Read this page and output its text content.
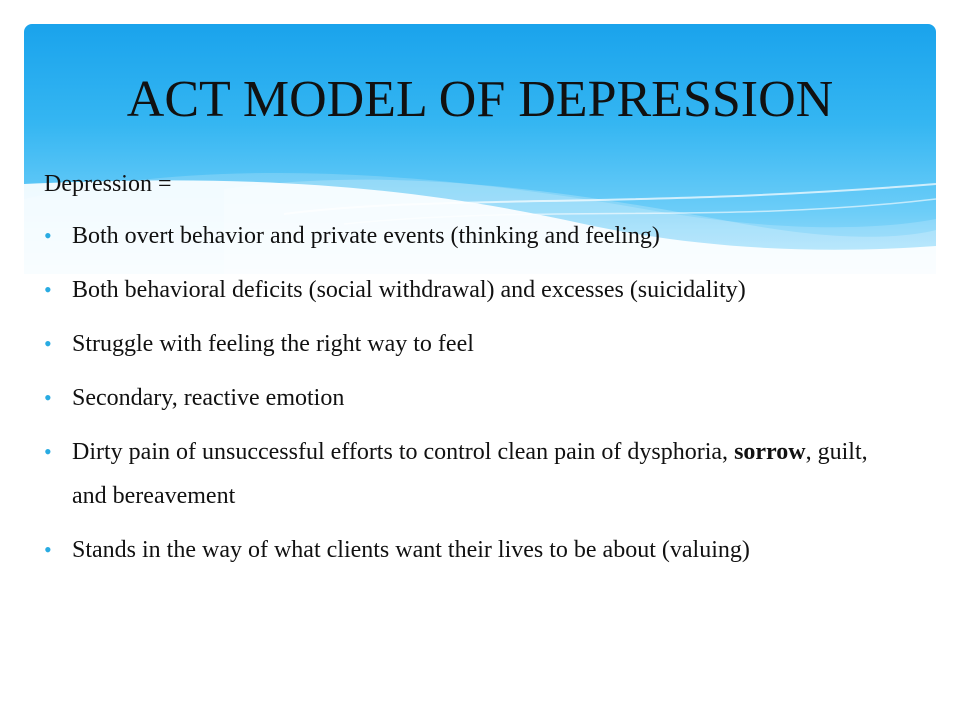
ACT MODEL OF DEPRESSION

Depression =

• Both overt behavior and private events (thinking and feeling)
• Both behavioral deficits (social withdrawal) and excesses (suicidality)
• Struggle with feeling the right way to feel
• Secondary, reactive emotion
• Dirty pain of unsuccessful efforts to control clean pain of dysphoria, sorrow, guilt, and bereavement
• Stands in the way of what clients want their lives to be about (valuing)
